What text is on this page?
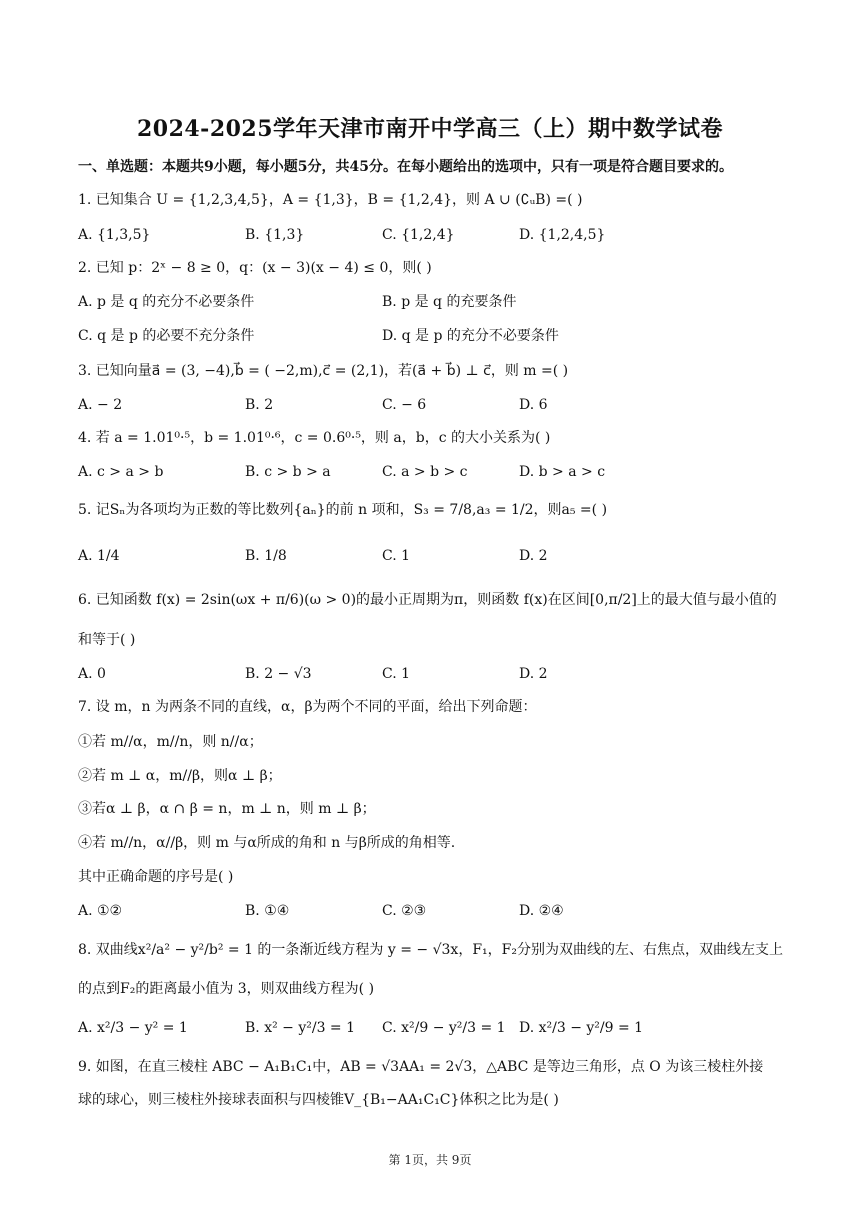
2024-2025学年天津市南开中学高三（上）期中数学试卷
一、单选题：本题共9小题，每小题5分，共45分。在每小题给出的选项中，只有一项是符合题目要求的。
1. 已知集合 U = {1,2,3,4,5}，A = {1,3}，B = {1,2,4}，则 A ∪ (∁ᵤB) =( )
A. {1,3,5}	B. {1,3}	C. {1,2,4}	D. {1,2,4,5}
2. 已知 p：2ˣ − 8 ≥ 0，q：(x − 3)(x − 4) ≤ 0，则( )
A. p 是 q 的充分不必要条件	B. p 是 q 的充要条件
C. q 是 p 的必要不充分条件	D. q 是 p 的充分不必要条件
3. 已知向量a⃗ = (3, −4),b⃗ = ( −2,m),c⃗ = (2,1)，若(a⃗ + b⃗) ⊥ c⃗，则 m =( )
A. − 2	B. 2	C. − 6	D. 6
4. 若 a = 1.01⁰·⁵，b = 1.01⁰·⁶，c = 0.6⁰·⁵，则 a，b，c 的大小关系为( )
A. c > a > b	B. c > b > a	C. a > b > c	D. b > a > c
5. 记Sₙ为各项均为正数的等比数列{aₙ}的前 n 项和，S₃ = 7/8,a₃ = 1/2，则a₅ =( )
A. 1/4	B. 1/8	C. 1	D. 2
6. 已知函数 f(x) = 2sin(ωx + π/6)(ω > 0)的最小正周期为π，则函数 f(x)在区间[0,π/2]上的最大值与最小值的
和等于( )
A. 0	B. 2 − √3	C. 1	D. 2
7. 设 m，n 为两条不同的直线，α，β为两个不同的平面，给出下列命题：
①若 m//α，m//n，则 n//α；
②若 m ⊥ α，m//β，则α ⊥ β；
③若α ⊥ β，α ∩ β = n，m ⊥ n，则 m ⊥ β；
④若 m//n，α//β，则 m 与α所成的角和 n 与β所成的角相等.
其中正确命题的序号是( )
A. ①②	B. ①④	C. ②③	D. ②④
8. 双曲线x²/a² − y²/b² = 1 的一条渐近线方程为 y = − √3x，F₁，F₂分别为双曲线的左、右焦点，双曲线左支上
的点到F₂的距离最小值为 3，则双曲线方程为( )
A. x²/3 − y² = 1	B. x² − y²/3 = 1 C. x²/9 − y²/3 = 1 D. x²/3 − y²/9 = 1
9. 如图，在直三棱柱 ABC − A₁B₁C₁中，AB = √3AA₁ = 2√3，△ABC 是等边三角形，点 O 为该三棱柱外接
球的球心，则三棱柱外接球表面积与四棱锥V_{B₁−AA₁C₁C}体积之比为是( )
第 1页，共 9页
